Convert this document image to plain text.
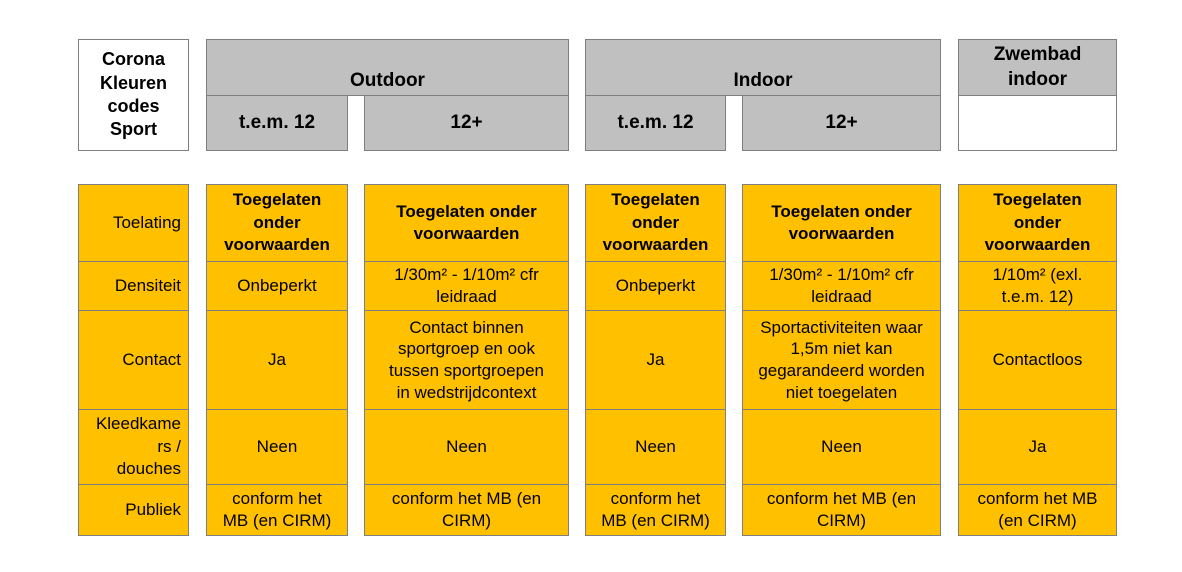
Corona
Kleuren
codes
Sport
Outdoor
t.e.m. 12	12+
Indoor
t.e.m. 12	12+
Zwembad
indoor
Toelating
Densiteit
Contact
Kleedkame
rs /
douches
Publiek
Toegelaten
onder
voorwaarden
Onbeperkt
Ja
Neen
conform het
MB (en CIRM)
Toegelaten onder
voorwaarden
1/30m² - 1/10m² cfr
leidraad
Contact binnen
sportgroep en ook
tussen sportgroepen
in wedstrijdcontext
Neen
conform het MB (en
CIRM)
Toegelaten
onder
voorwaarden
Onbeperkt
Ja
Neen
conform het
MB (en CIRM)
Toegelaten onder
voorwaarden
1/30m² - 1/10m² cfr
leidraad
Sportactiviteiten waar
1,5m niet kan
gegarandeerd worden
niet toegelaten
Neen
conform het MB (en
CIRM)
Toegelaten
onder
voorwaarden
1/10m² (exl.
t.e.m. 12)
Contactloos
Ja
conform het MB
(en CIRM)
